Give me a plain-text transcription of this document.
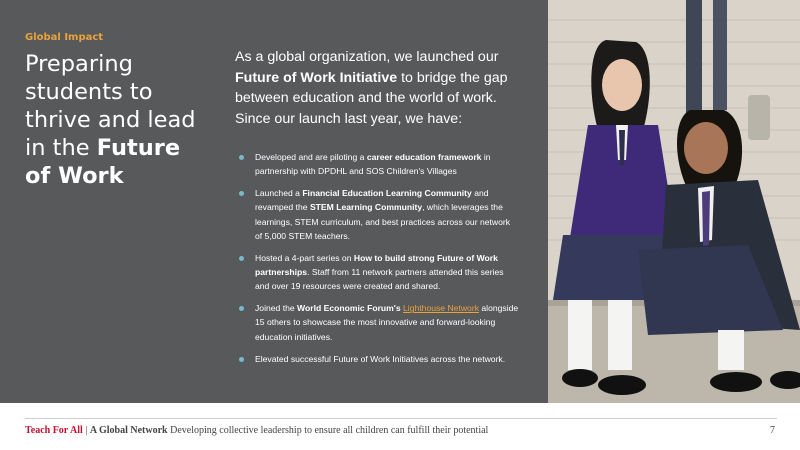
Global Impact
Preparing
students to
thrive and lead
in the Future
of Work

As a global organization, we launched our Future of Work Initiative to bridge the gap between education and the world of work. Since our launch last year, we have:

Developed and are piloting a career education framework in partnership with DPDHL and SOS Children's Villages
Launched a Financial Education Learning Community and revamped the STEM Learning Community, which leverages the learnings, STEM curriculum, and best practices across our network of 5,000 STEM teachers.
Hosted a 4-part series on How to build strong Future of Work partnerships. Staff from 11 network partners attended this series and over 19 resources were created and shared.
Joined the World Economic Forum's Lighthouse Network alongside 15 others to showcase the most innovative and forward-looking education initiatives.
Elevated successful Future of Work Initiatives across the network.
Teach For All | A Global Network Developing collective leadership to ensure all children can fulfill their potential	7
